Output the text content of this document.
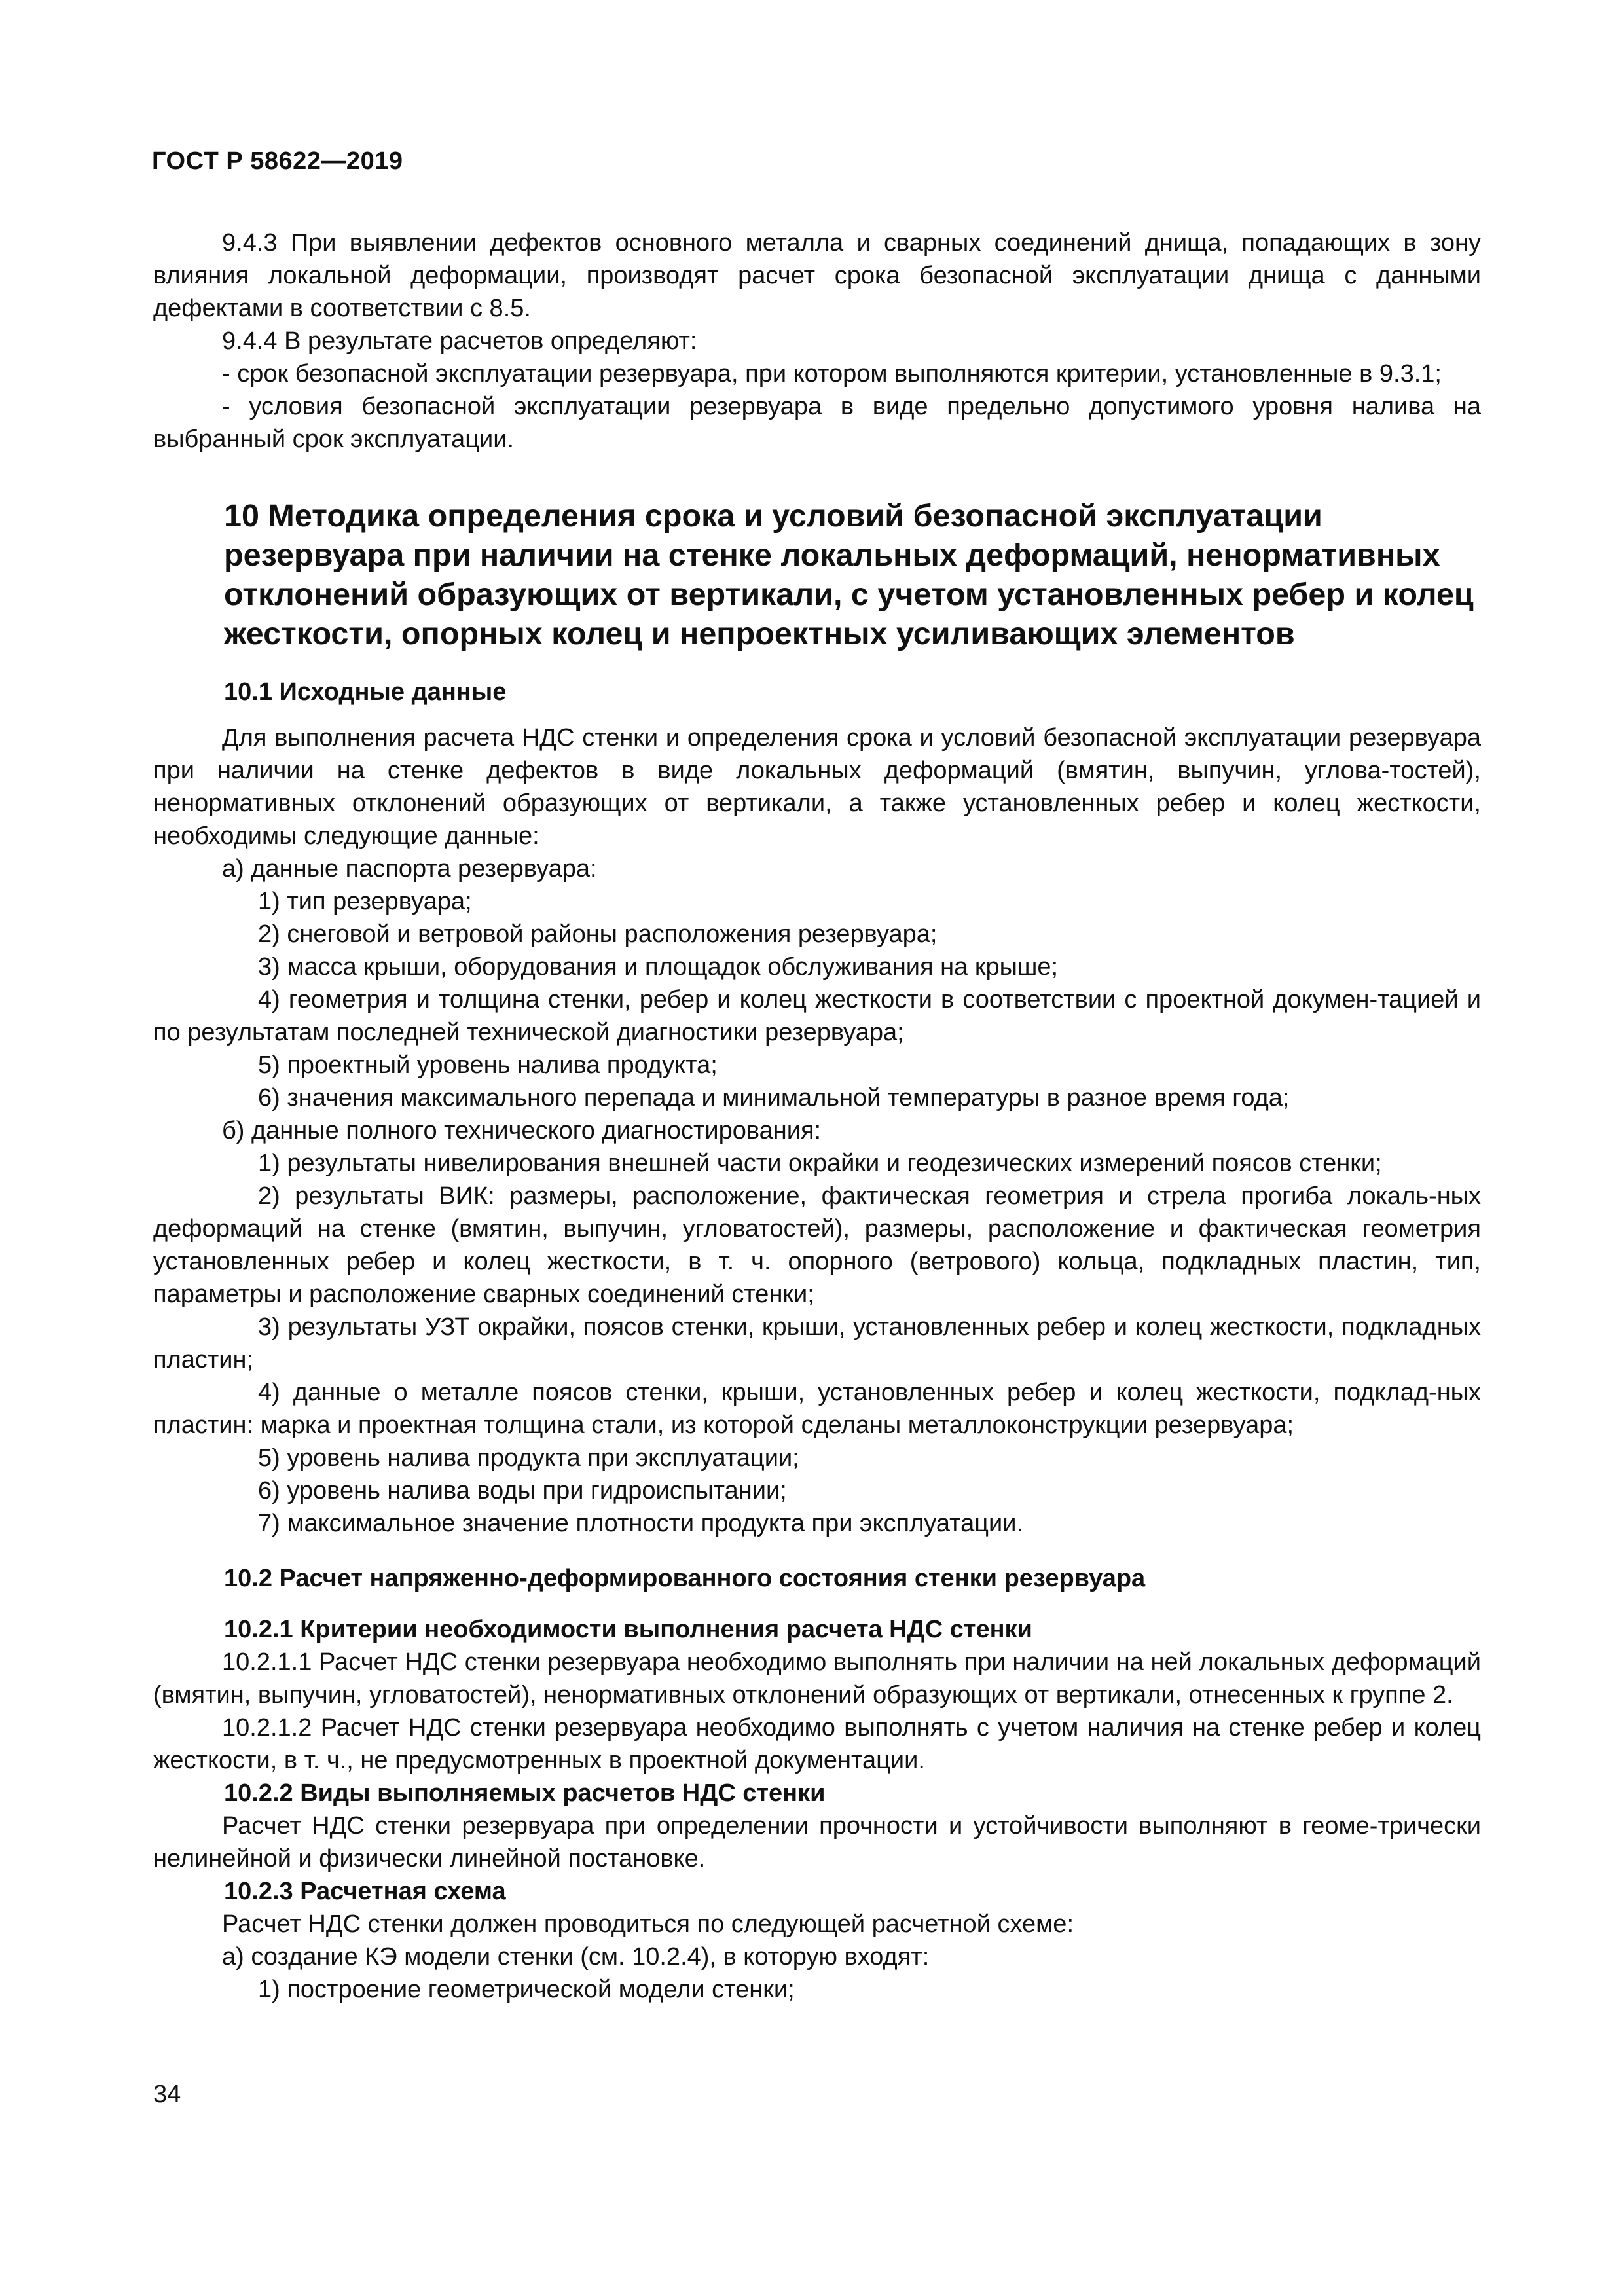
ГОСТ Р 58622—2019

9.4.3 При выявлении дефектов основного металла и сварных соединений днища, попадающих в зону влияния локальной деформации, производят расчет срока безопасной эксплуатации днища с данными дефектами в соответствии с 8.5.

9.4.4 В результате расчетов определяют:

- срок безопасной эксплуатации резервуара, при котором выполняются критерии, установленные в 9.3.1;

- условия безопасной эксплуатации резервуара в виде предельно допустимого уровня налива на выбранный срок эксплуатации.

10 Методика определения срока и условий безопасной эксплуатации резервуара при наличии на стенке локальных деформаций, ненормативных отклонений образующих от вертикали, с учетом установленных ребер и колец жесткости, опорных колец и непроектных усиливающих элементов
10.1 Исходные данные

Для выполнения расчета НДС стенки и определения срока и условий безопасной эксплуатации резервуара при наличии на стенке дефектов в виде локальных деформаций (вмятин, выпучин, углова-тостей), ненормативных отклонений образующих от вертикали, а также установленных ребер и колец жесткости, необходимы следующие данные:

а) данные паспорта резервуара:

1) тип резервуара;

2) снеговой и ветровой районы расположения резервуара;

3) масса крыши, оборудования и площадок обслуживания на крыше;

4) геометрия и толщина стенки, ребер и колец жесткости в соответствии с проектной докумен-тацией и по результатам последней технической диагностики резервуара;

5) проектный уровень налива продукта;

6) значения максимального перепада и минимальной температуры в разное время года;

б) данные полного технического диагностирования:

1) результаты нивелирования внешней части окрайки и геодезических измерений поясов стенки;

2) результаты ВИК: размеры, расположение, фактическая геометрия и стрела прогиба локаль-ных деформаций на стенке (вмятин, выпучин, угловатостей), размеры, расположение и фактическая геометрия установленных ребер и колец жесткости, в т. ч. опорного (ветрового) кольца, подкладных пластин, тип, параметры и расположение сварных соединений стенки;

3) результаты УЗТ окрайки, поясов стенки, крыши, установленных ребер и колец жесткости, подкладных пластин;

4) данные о металле поясов стенки, крыши, установленных ребер и колец жесткости, подклад-ных пластин: марка и проектная толщина стали, из которой сделаны металлоконструкции резервуара;

5) уровень налива продукта при эксплуатации;

6) уровень налива воды при гидроиспытании;

7) максимальное значение плотности продукта при эксплуатации.

10.2 Расчет напряженно-деформированного состояния стенки резервуара
10.2.1 Критерии необходимости выполнения расчета НДС стенки

10.2.1.1 Расчет НДС стенки резервуара необходимо выполнять при наличии на ней локальных деформаций (вмятин, выпучин, угловатостей), ненормативных отклонений образующих от вертикали, отнесенных к группе 2.

10.2.1.2 Расчет НДС стенки резервуара необходимо выполнять с учетом наличия на стенке ребер и колец жесткости, в т. ч., не предусмотренных в проектной документации.

10.2.2 Виды выполняемых расчетов НДС стенки

Расчет НДС стенки резервуара при определении прочности и устойчивости выполняют в геоме-трически нелинейной и физически линейной постановке.

10.2.3 Расчетная схема

Расчет НДС стенки должен проводиться по следующей расчетной схеме:

а) создание КЭ модели стенки (см. 10.2.4), в которую входят:

1) построение геометрической модели стенки;

34
